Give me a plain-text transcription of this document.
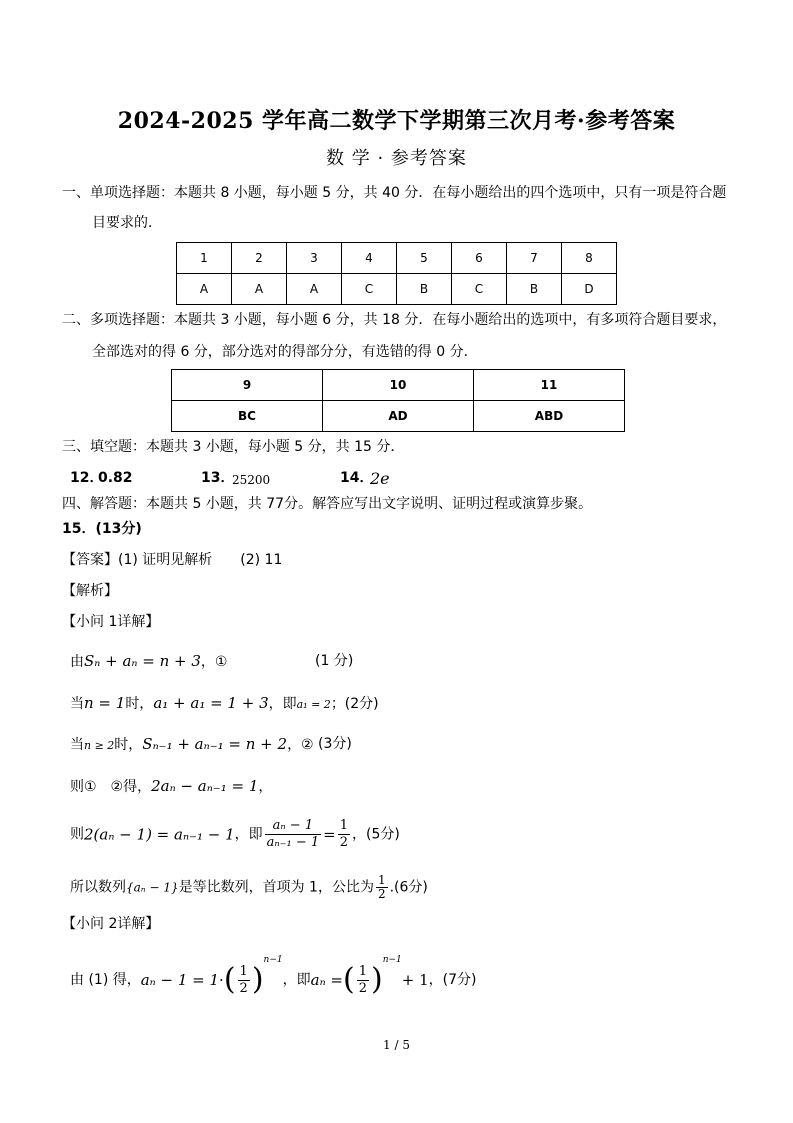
2024-2025 学年高二数学下学期第三次月考·参考答案
数 学 · 参考答案
一、单项选择题：本题共 8 小题，每小题 5 分，共 40 分．在每小题给出的四个选项中，只有一项是符合题
目要求的．
1	2	3	4	5	6	7	8
A	A	A	C	B	C	B	D
二、多项选择题：本题共 3 小题，每小题 6 分，共 18 分．在每小题给出的选项中，有多项符合题目要求，
全部选对的得 6 分，部分选对的得部分分，有选错的得 0 分．
9	10	11
BC	AD	ABD
三、填空题：本题共 3 小题，每小题 5 分，共 15 分．
12．
0.82	13．
25200	14．
2e
四、解答题：本题共 5 小题，共 77分。解答应写出文字说明、证明过程或演算步聚。
15．(13分)
【答案】(1) 证明见解析　　(2) 11
【解析】
【小问 1详解】
由Sₙ + aₙ = n + 3，①	(1 分)
当n = 1时，a₁ + a₁ = 1 + 3，即a₁ = 2；(2分)
当n ≥ 2时，Sₙ₋₁ + aₙ₋₁ = n + 2，② (3分)
则①　②得，2aₙ − aₙ₋₁ = 1，
则2(aₙ − 1) = aₙ₋₁ − 1，即 $\frac{\text{aₙ − 1}}{\text{aₙ₋₁ − 1}} = \frac{1}{2}$ ，(5分)
所以数列{aₙ − 1}是等比数列，首项为 1，公比为 $\frac{1}{2} .(6$分)
【小问 2详解】
由 (1) 得，$a_n - 1 = 1\cdot( \frac{1}{2} )^{n-1}$，即aₙ =( $\frac{1}{2} )^{n-1}+ 1$，(7分)
1 / 5
